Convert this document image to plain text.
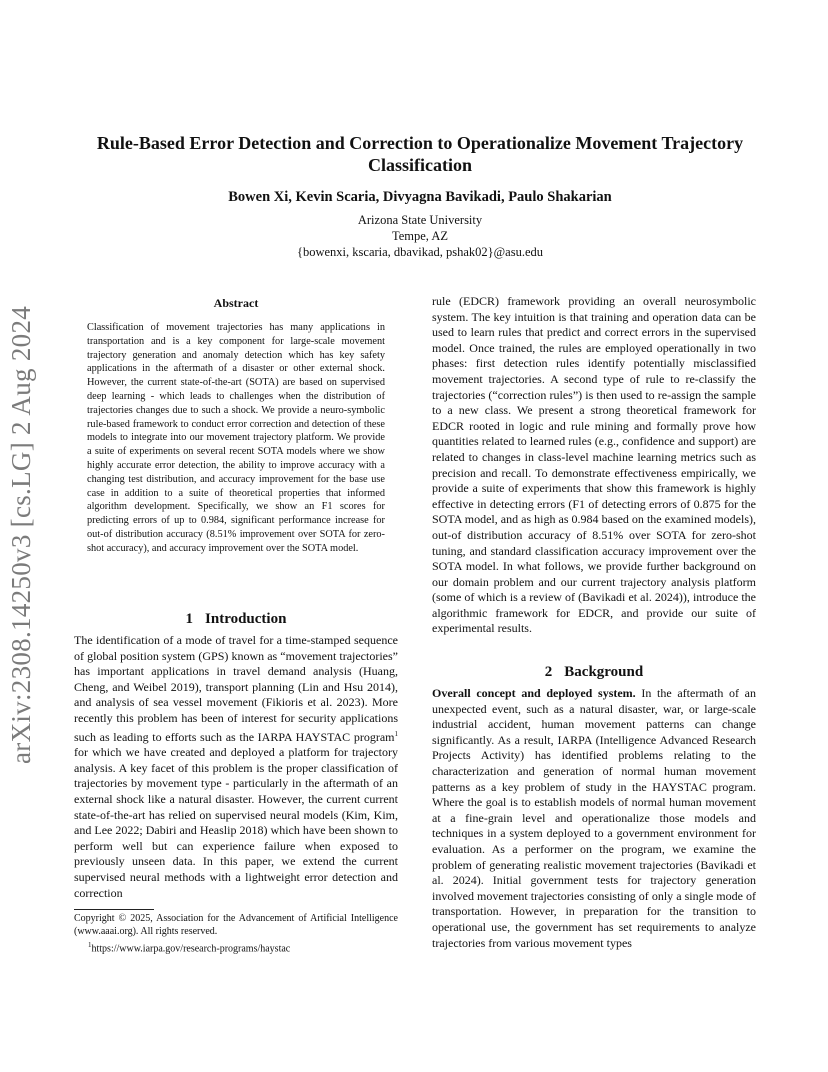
arXiv:2308.14250v3 [cs.LG] 2 Aug 2024
Rule-Based Error Detection and Correction to Operationalize Movement Trajectory Classification
Bowen Xi, Kevin Scaria, Divyagna Bavikadi, Paulo Shakarian
Arizona State University
Tempe, AZ
{bowenxi, kscaria, dbavikad, pshak02}@asu.edu
Abstract
Classification of movement trajectories has many applications in transportation and is a key component for large-scale movement trajectory generation and anomaly detection which has key safety applications in the aftermath of a disaster or other external shock. However, the current state-of-the-art (SOTA) are based on supervised deep learning - which leads to challenges when the distribution of trajectories changes due to such a shock. We provide a neuro-symbolic rule-based framework to conduct error correction and detection of these models to integrate into our movement trajectory platform. We provide a suite of experiments on several recent SOTA models where we show highly accurate error detection, the ability to improve accuracy with a changing test distribution, and accuracy improvement for the base use case in addition to a suite of theoretical properties that informed algorithm development. Specifically, we show an F1 scores for predicting errors of up to 0.984, significant performance increase for out-of distribution accuracy (8.51% improvement over SOTA for zero-shot accuracy), and accuracy improvement over the SOTA model.
1 Introduction
The identification of a mode of travel for a time-stamped sequence of global position system (GPS) known as “movement trajectories” has important applications in travel demand analysis (Huang, Cheng, and Weibel 2019), transport planning (Lin and Hsu 2014), and analysis of sea vessel movement (Fikioris et al. 2023). More recently this problem has been of interest for security applications such as leading to efforts such as the IARPA HAYSTAC program$^1$ for which we have created and deployed a platform for trajectory analysis. A key facet of this problem is the proper classification of trajectories by movement type - particularly in the aftermath of an external shock like a natural disaster. However, the current current state-of-the-art has relied on supervised neural models (Kim, Kim, and Lee 2022; Dabiri and Heaslip 2018) which have been shown to perform well but can experience failure when exposed to previously unseen data. In this paper, we extend the current supervised neural methods with a lightweight error detection and correction
rule (EDCR) framework providing an overall neurosymbolic system. The key intuition is that training and operation data can be used to learn rules that predict and correct errors in the supervised model. Once trained, the rules are employed operationally in two phases: first detection rules identify potentially misclassified movement trajectories. A second type of rule to re-classify the trajectories (“correction rules”) is then used to re-assign the sample to a new class. We present a strong theoretical framework for EDCR rooted in logic and rule mining and formally prove how quantities related to learned rules (e.g., confidence and support) are related to changes in class-level machine learning metrics such as precision and recall. To demonstrate effectiveness empirically, we provide a suite of experiments that show this framework is highly effective in detecting errors (F1 of detecting errors of 0.875 for the SOTA model, and as high as 0.984 based on the examined models), out-of distribution accuracy of 8.51% over SOTA for zero-shot tuning, and standard classification accuracy improvement over the SOTA model. In what follows, we provide further background on our domain problem and our current trajectory analysis platform (some of which is a review of (Bavikadi et al. 2024)), introduce the algorithmic framework for EDCR, and provide our suite of experimental results.
2 Background
Overall concept and deployed system. In the aftermath of an unexpected event, such as a natural disaster, war, or large-scale industrial accident, human movement patterns can change significantly. As a result, IARPA (Intelligence Advanced Research Projects Activity) has identified problems relating to the characterization and generation of normal human movement patterns as a key problem of study in the HAYSTAC program. Where the goal is to establish models of normal human movement at a fine-grain level and operationalize those models and techniques in a system deployed to a government environment for evaluation. As a performer on the program, we examine the problem of generating realistic movement trajectories (Bavikadi et al. 2024). Initial government tests for trajectory generation involved movement trajectories consisting of only a single mode of transportation. However, in preparation for the transition to operational use, the government has set requirements to analyze trajectories from various movement types
Copyright © 2025, Association for the Advancement of Artificial Intelligence (www.aaai.org). All rights reserved.
$^1$https://www.iarpa.gov/research-programs/haystac
